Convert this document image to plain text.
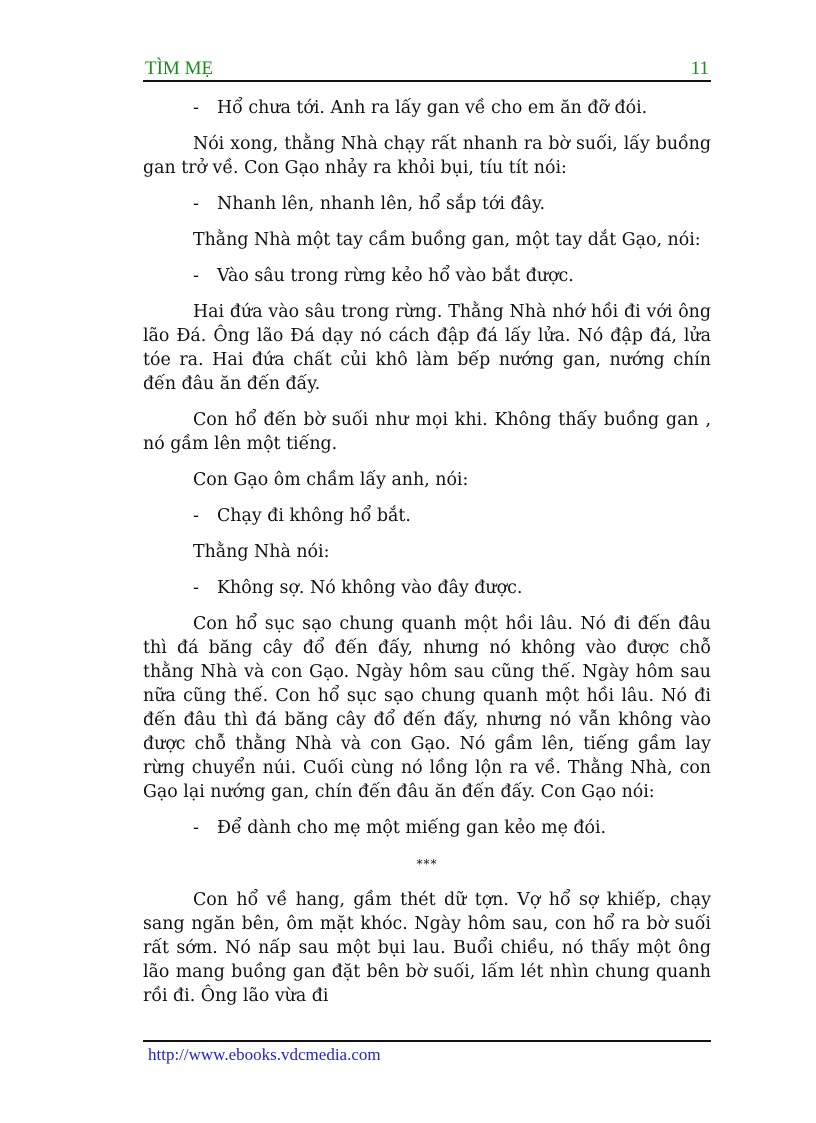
TÌM MẸ	11

- Hổ chưa tới. Anh ra lấy gan về cho em ăn đỡ đói.

Nói xong, thằng Nhà chạy rất nhanh ra bờ suối, lấy buồng gan trở về. Con Gạo nhảy ra khỏi bụi, tíu tít nói:

- Nhanh lên, nhanh lên, hổ sắp tới đây.

Thằng Nhà một tay cầm buồng gan, một tay dắt Gạo, nói:

- Vào sâu trong rừng kẻo hổ vào bắt được.

Hai đứa vào sâu trong rừng. Thằng Nhà nhớ hồi đi với ông lão Đá. Ông lão Đá dạy nó cách đập đá lấy lửa. Nó đập đá, lửa tóe ra. Hai đứa chất củi khô làm bếp nướng gan, nướng chín đến đâu ăn đến đấy.

Con hổ đến bờ suối như mọi khi. Không thấy buồng gan , nó gầm lên một tiếng.

Con Gạo ôm chầm lấy anh, nói:

- Chạy đi không hổ bắt.

Thằng Nhà nói:

- Không sợ. Nó không vào đây được.

Con hổ sục sạo chung quanh một hồi lâu. Nó đi đến đâu thì đá băng cây đổ đến đấy, nhưng nó không vào được chỗ thằng Nhà và con Gạo. Ngày hôm sau cũng thế. Ngày hôm sau nữa cũng thế. Con hổ sục sạo chung quanh một hồi lâu. Nó đi đến đâu thì đá băng cây đổ đến đấy, nhưng nó vẫn không vào được chỗ thằng Nhà và con Gạo. Nó gầm lên, tiếng gầm lay rừng chuyển núi. Cuối cùng nó lồng lộn ra về. Thằng Nhà, con Gạo lại nướng gan, chín đến đâu ăn đến đấy. Con Gạo nói:

- Để dành cho mẹ một miếng gan kẻo mẹ đói.

***

Con hổ về hang, gầm thét dữ tợn. Vợ hổ sợ khiếp, chạy sang ngăn bên, ôm mặt khóc. Ngày hôm sau, con hổ ra bờ suối rất sớm. Nó nấp sau một bụi lau. Buổi chiều, nó thấy một ông lão mang buồng gan đặt bên bờ suối, lấm lét nhìn chung quanh rồi đi. Ông lão vừa đi

http://www.ebooks.vdcmedia.com
